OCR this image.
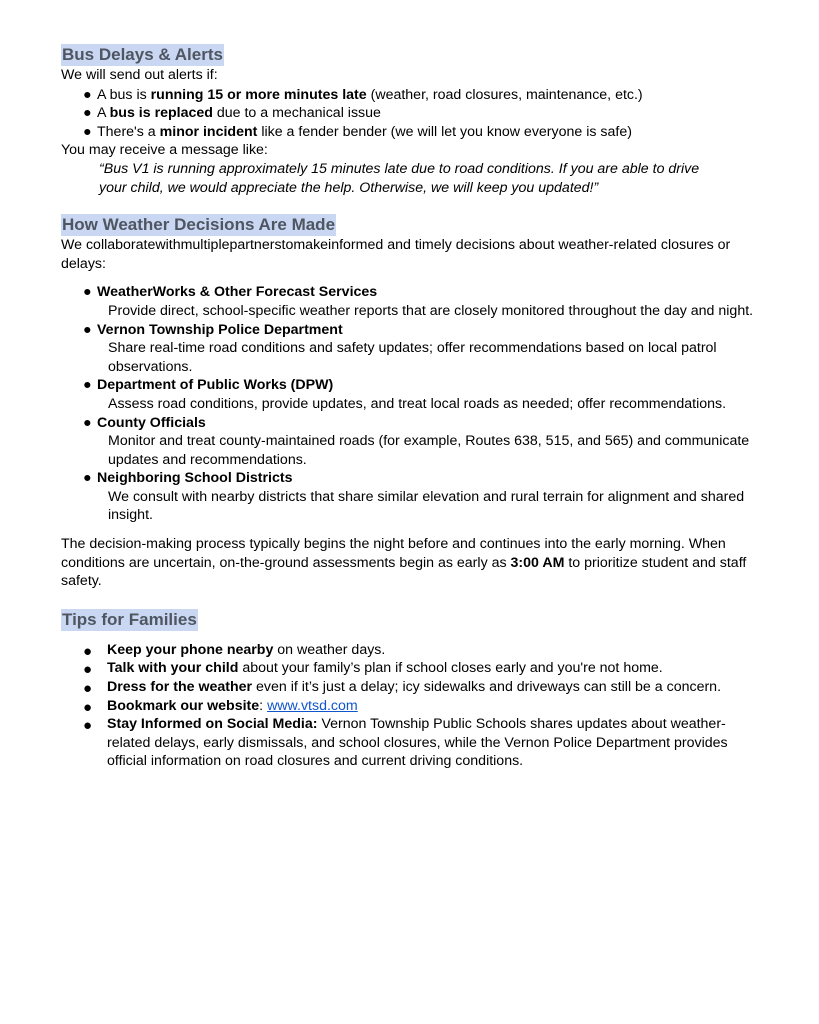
Bus Delays & Alerts

We will send out alerts if:

● A bus is running 15 or more minutes late (weather, road closures, maintenance, etc.)
● A bus is replaced due to a mechanical issue
● There's a minor incident like a fender bender (we will let you know everyone is safe)

You may receive a message like:

“Bus V1 is running approximately 15 minutes late due to road conditions. If you are able to drive

your child, we would appreciate the help. Otherwise, we will keep you updated!”

How Weather Decisions Are Made

We collaboratewithmultiplepartnerstomakeinformed and timely decisions about weather-related closures or delays:

● WeatherWorks & Other Forecast Services
Provide direct, school-specific weather reports that are closely monitored throughout the day and night.
● Vernon Township Police Department
Share real-time road conditions and safety updates; offer recommendations based on local patrol observations.
● Department of Public Works (DPW)
Assess road conditions, provide updates, and treat local roads as needed; offer recommendations.
● County Officials
Monitor and treat county-maintained roads (for example, Routes 638, 515, and 565) and communicate updates and recommendations.
● Neighboring School Districts
We consult with nearby districts that share similar elevation and rural terrain for alignment and shared insight.

The decision-making process typically begins the night before and continues into the early morning. When conditions are uncertain, on-the-ground assessments begin as early as 3:00 AM to prioritize student and staff safety.

Tips for Families
● Keep your phone nearby on weather days.
● Talk with your child about your family’s plan if school closes early and you're not home.
● Dress for the weather even if it’s just a delay; icy sidewalks and driveways can still be a concern.
● Bookmark our website: www.vtsd.com
● Stay Informed on Social Media: Vernon Township Public Schools shares updates about weather-related delays, early dismissals, and school closures, while the Vernon Police Department provides official information on road closures and current driving conditions.
